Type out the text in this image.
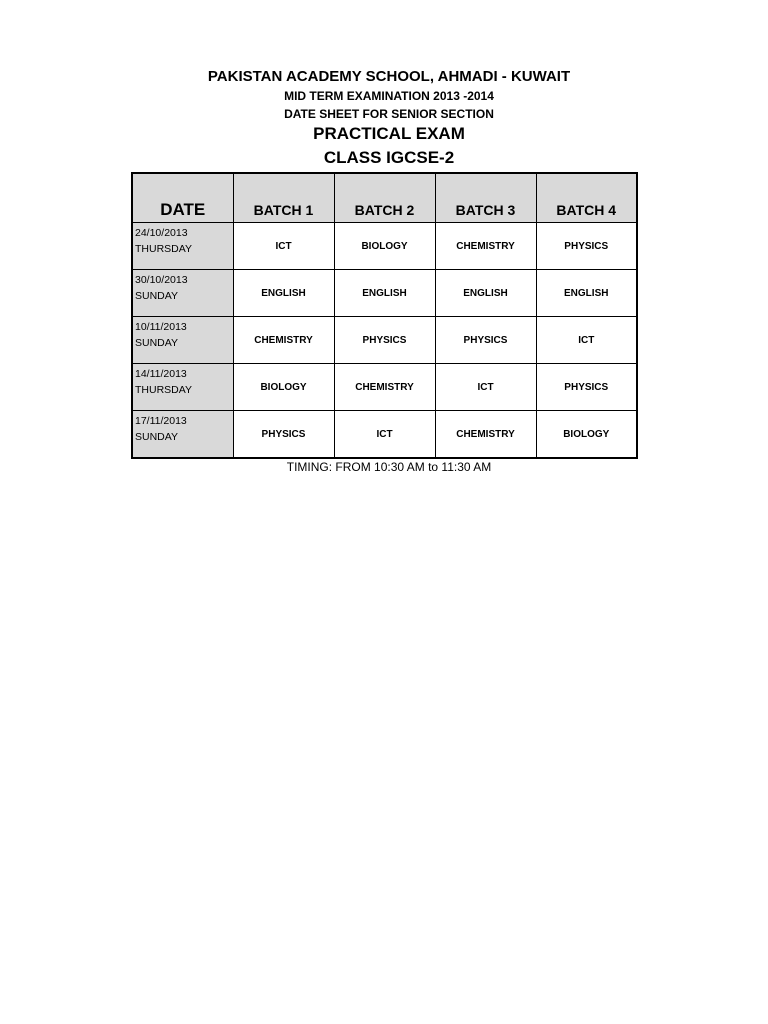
PAKISTAN ACADEMY SCHOOL, AHMADI - KUWAIT
MID TERM EXAMINATION 2013 -2014
DATE SHEET FOR SENIOR SECTION
PRACTICAL EXAM
CLASS IGCSE-2
DATE	BATCH 1	BATCH 2	BATCH 3	BATCH 4
24/10/2013
THURSDAY	ICT	BIOLOGY	CHEMISTRY	PHYSICS
30/10/2013
SUNDAY	ENGLISH	ENGLISH	ENGLISH	ENGLISH
10/11/2013
SUNDAY	CHEMISTRY	PHYSICS	PHYSICS	ICT
14/11/2013
THURSDAY	BIOLOGY	CHEMISTRY	ICT	PHYSICS
17/11/2013
SUNDAY	PHYSICS	ICT	CHEMISTRY	BIOLOGY
TIMING: FROM 10:30 AM to 11:30 AM
